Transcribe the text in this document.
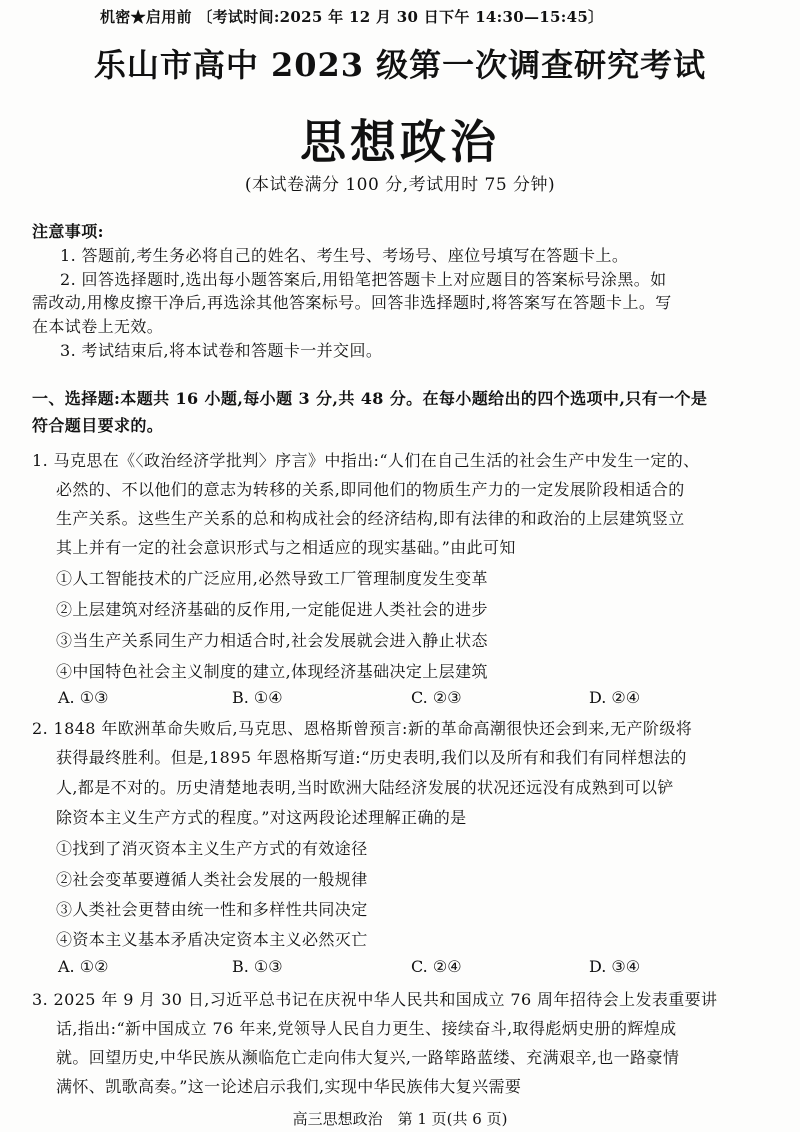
机密★启用前 〔考试时间:2025 年 12 月 30 日下午 14:30—15:45〕
乐山市高中 2023 级第一次调查研究考试
思想政治
(本试卷满分 100 分,考试用时 75 分钟)
注意事项:
1. 答题前,考生务必将自己的姓名、考生号、考场号、座位号填写在答题卡上。
2. 回答选择题时,选出每小题答案后,用铅笔把答题卡上对应题目的答案标号涂黑。如
需改动,用橡皮擦干净后,再选涂其他答案标号。回答非选择题时,将答案写在答题卡上。写
在本试卷上无效。
3. 考试结束后,将本试卷和答题卡一并交回。
一、选择题:本题共 16 小题,每小题 3 分,共 48 分。在每小题给出的四个选项中,只有一个是
符合题目要求的。
1. 马克思在《〈政治经济学批判〉序言》中指出:“人们在自己生活的社会生产中发生一定的、
必然的、不以他们的意志为转移的关系,即同他们的物质生产力的一定发展阶段相适合的
生产关系。这些生产关系的总和构成社会的经济结构,即有法律的和政治的上层建筑竖立
其上并有一定的社会意识形式与之相适应的现实基础。”由此可知
①人工智能技术的广泛应用,必然导致工厂管理制度发生变革
②上层建筑对经济基础的反作用,一定能促进人类社会的进步
③当生产关系同生产力相适合时,社会发展就会进入静止状态
④中国特色社会主义制度的建立,体现经济基础决定上层建筑
A. ①③	B. ①④	C. ②③	D. ②④
2. 1848 年欧洲革命失败后,马克思、恩格斯曾预言:新的革命高潮很快还会到来,无产阶级将
获得最终胜利。但是,1895 年恩格斯写道:“历史表明,我们以及所有和我们有同样想法的
人,都是不对的。历史清楚地表明,当时欧洲大陆经济发展的状况还远没有成熟到可以铲
除资本主义生产方式的程度。”对这两段论述理解正确的是
①找到了消灭资本主义生产方式的有效途径
②社会变革要遵循人类社会发展的一般规律
③人类社会更替由统一性和多样性共同决定
④资本主义基本矛盾决定资本主义必然灭亡
A. ①②	B. ①③	C. ②④	D. ③④
3. 2025 年 9 月 30 日,习近平总书记在庆祝中华人民共和国成立 76 周年招待会上发表重要讲
话,指出:“新中国成立 76 年来,党领导人民自力更生、接续奋斗,取得彪炳史册的辉煌成
就。回望历史,中华民族从濒临危亡走向伟大复兴,一路筚路蓝缕、充满艰辛,也一路豪情
满怀、凯歌高奏。”这一论述启示我们,实现中华民族伟大复兴需要
高三思想政治　第 1 页(共 6 页)
